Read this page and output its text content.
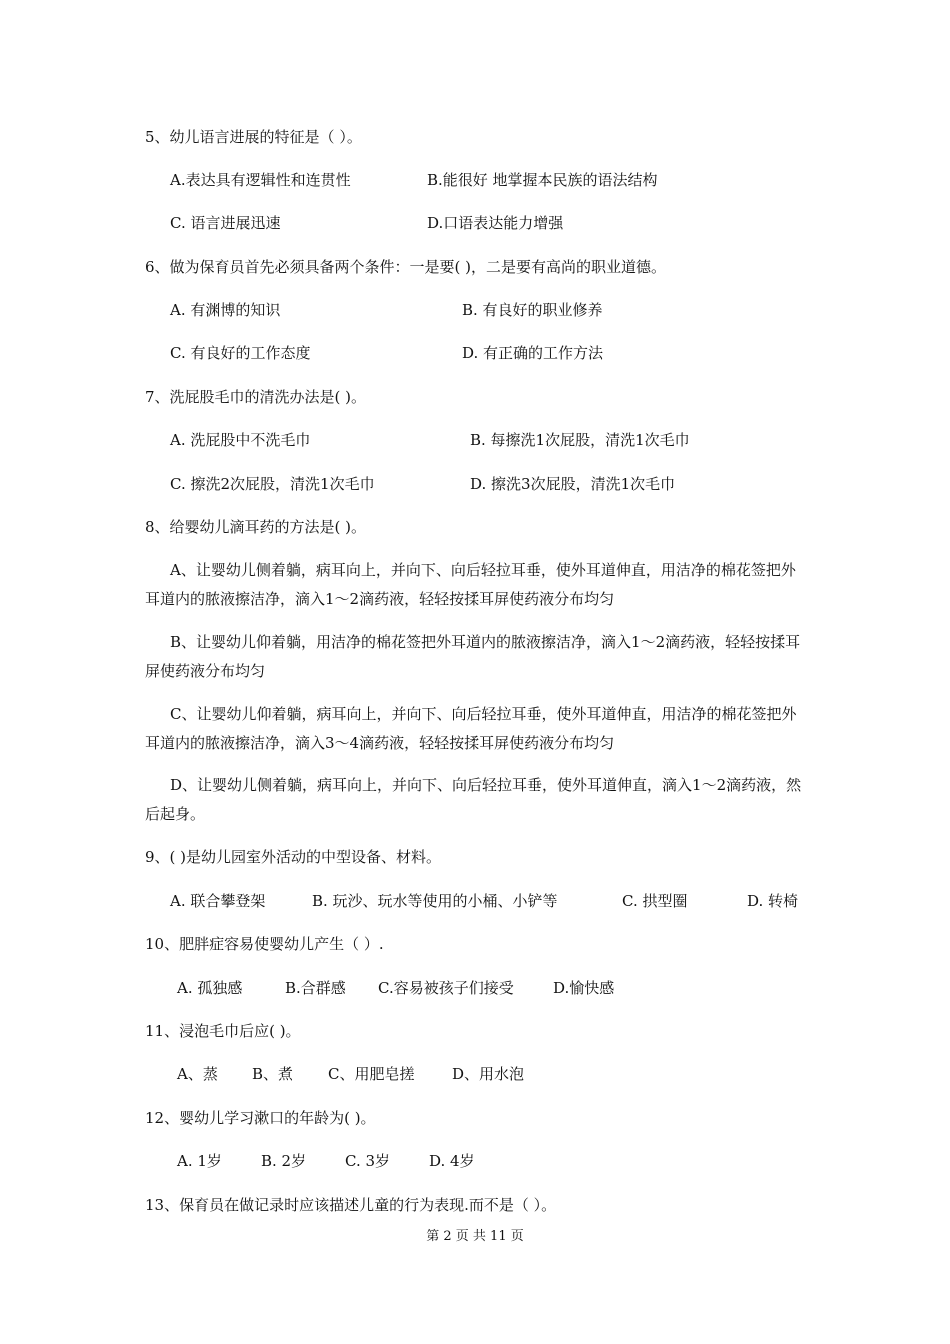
5、幼儿语言进展的特征是（ ）。
A.表达具有逻辑性和连贯性	B.能很好 地掌握本民族的语法结构
C. 语言进展迅速	D.口语表达能力增强
6、做为保育员首先必须具备两个条件：一是要( )，二是要有高尚的职业道德。
A. 有渊博的知识	B. 有良好的职业修养
C. 有良好的工作态度	D. 有正确的工作方法
7、洗屁股毛巾的清洗办法是( )。
A. 洗屁股中不洗毛巾	B. 每擦洗1次屁股，清洗1次毛巾
C. 擦洗2次屁股，清洗1次毛巾	D. 擦洗3次屁股，清洗1次毛巾
8、给婴幼儿滴耳药的方法是( )。
A、让婴幼儿侧着躺，病耳向上，并向下、向后轻拉耳垂，使外耳道伸直，用洁净的棉花签把外耳道内的脓液擦洁净，滴入1～2滴药液，轻轻按揉耳屏使药液分布均匀
B、让婴幼儿仰着躺，用洁净的棉花签把外耳道内的脓液擦洁净，滴入1～2滴药液，轻轻按揉耳屏使药液分布均匀
C、让婴幼儿仰着躺，病耳向上，并向下、向后轻拉耳垂，使外耳道伸直，用洁净的棉花签把外耳道内的脓液擦洁净，滴入3～4滴药液，轻轻按揉耳屏使药液分布均匀
D、让婴幼儿侧着躺，病耳向上，并向下、向后轻拉耳垂，使外耳道伸直，滴入1～2滴药液，然后起身。
9、( )是幼儿园室外活动的中型设备、材料。
A. 联合攀登架	B. 玩沙、玩水等使用的小桶、小铲等	C. 拱型圈	D. 转椅
10、肥胖症容易使婴幼儿产生（ ）.
A. 孤独感	B.合群感 C.容易被孩子们接受	D.愉快感
11、浸泡毛巾后应( )。
A、蒸 B、煮 C、用肥皂搓	D、用水泡
12、婴幼儿学习漱口的年龄为( )。
A. 1岁	B. 2岁	C. 3岁	D. 4岁
13、保育员在做记录时应该描述儿童的行为表现.而不是（ ）。
第 2 页 共 11 页
